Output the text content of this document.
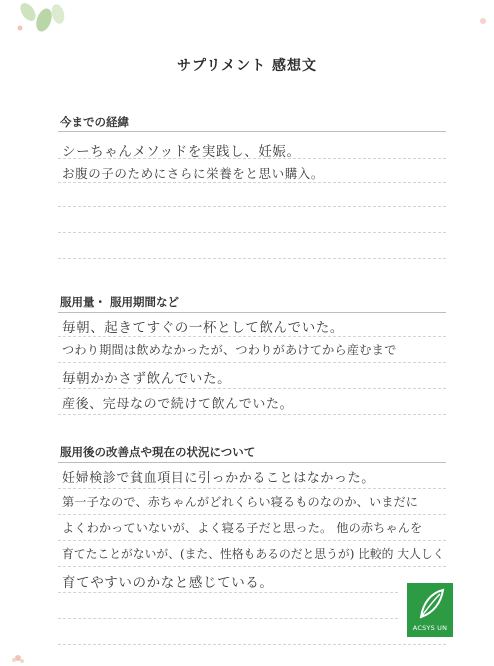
サプリメント 感想文
今までの経緯
シーちゃんメソッドを実践し、妊娠。
お腹の子のためにさらに栄養をと思い購入。
服用量・ 服用期間など
毎朝、起きてすぐの一杯として飲んでいた。
つわり期間は飲めなかったが、つわりがあけてから産むまで
毎朝かかさず飲んでいた。
産後、完母なので続けて飲んでいた。
服用後の改善点や現在の状況について
妊婦検診で貧血項目に引っかかることはなかった。
第一子なので、赤ちゃんがどれくらい寝るものなのか、いまだに
よくわかっていないが、よく寝る子だと思った。 他の赤ちゃんを
育てたことがないが、(また、性格もあるのだと思うが) 比較的 大人しく
育てやすいのかなと感じている。
ACSYS UN
